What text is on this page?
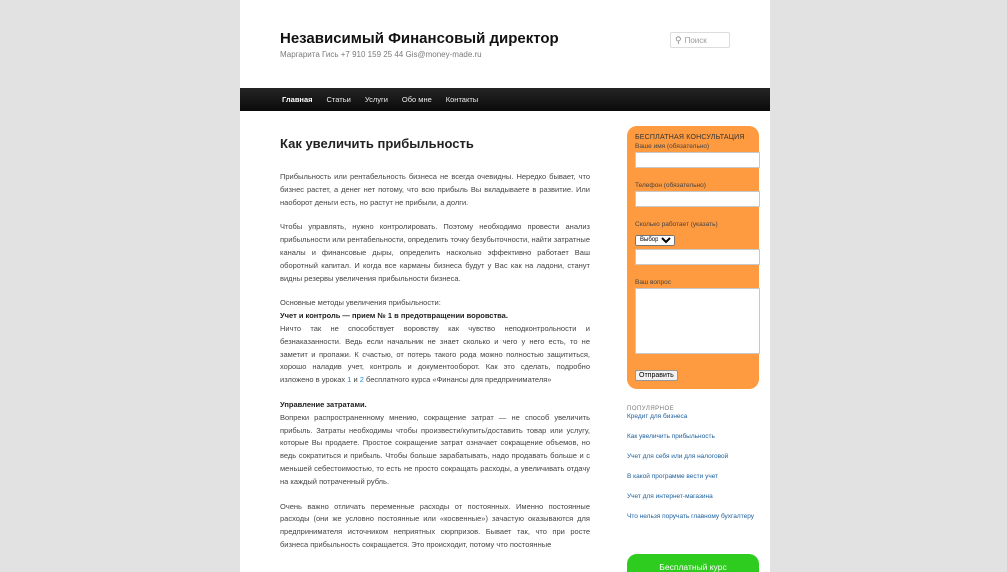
Независимый Финансовый директор
Маргарита Гись +7 910 159 25 44 Gis@money-made.ru
⚲ Поиск
Главная Статьи Услуги Обо мне Контакты
Как увеличить прибыльность

Прибыльность или рентабельность бизнеса не всегда очевидны. Нередко бывает, что бизнес растет, а денег нет потому, что всю прибыль Вы вкладываете в развитие. Или наоборот деньги есть, но растут не прибыли, а долги.

Чтобы управлять, нужно контролировать. Поэтому необходимо провести анализ прибыльности или рентабельности, определить точку безубыточности, найти затратные каналы и финансовые дыры, определить насколько эффективно работает Ваш оборотный капитал. И когда все карманы бизнеса будут у Вас как на ладони, станут видны резервы увеличения прибыльности бизнеса.

Основные методы увеличения прибыльности:
Учет и контроль — прием № 1 в предотвращении воровства.
Ничто так не способствует воровству как чувство неподконтрольности и безнаказанности. Ведь если начальник не знает сколько и чего у него есть, то не заметит и пропажи. К счастью, от потерь такого рода можно полностью защититься, хорошо наладив учет, контроль и документооборот. Как это сделать, подробно изложено в уроках 1 и 2 бесплатного курса «Финансы для предпринимателя»

Управление затратами.
Вопреки распространенному мнению, сокращение затрат — не способ увеличить прибыль. Затраты необходимы чтобы произвести/купить/доставить товар или услугу, которые Вы продаете. Простое сокращение затрат означает сокращение объемов, но ведь сократиться и прибыль. Чтобы больше зарабатывать, надо продавать больше и с меньшей себестоимостью, то есть не просто сокращать расходы, а увеличивать отдачу на каждый потраченный рубль.

Очень важно отличать переменные расходы от постоянных. Именно постоянные расходы (они же условно постоянные или «косвенные») зачастую оказываются для предпринимателя источником неприятных сюрпризов. Бывает так, что при росте бизнеса прибыльность сокращается. Это происходит, потому что постоянные

БЕСПЛАТНАЯ КОНСУЛЬТАЦИЯ
Ваше имя (обязательно)
Телефон (обязательно)
Сколько работает (указать)
Выбор
Ваш вопрос
Отправить
ПОПУЛЯРНОЕ
Кредит для бизнеса
Как увеличить прибыльность
Учет для себя или для налоговой
В какой программе вести учет
Учет для интернет-магазина
Что нельзя поручать главному бухгалтеру
Бесплатный курс
